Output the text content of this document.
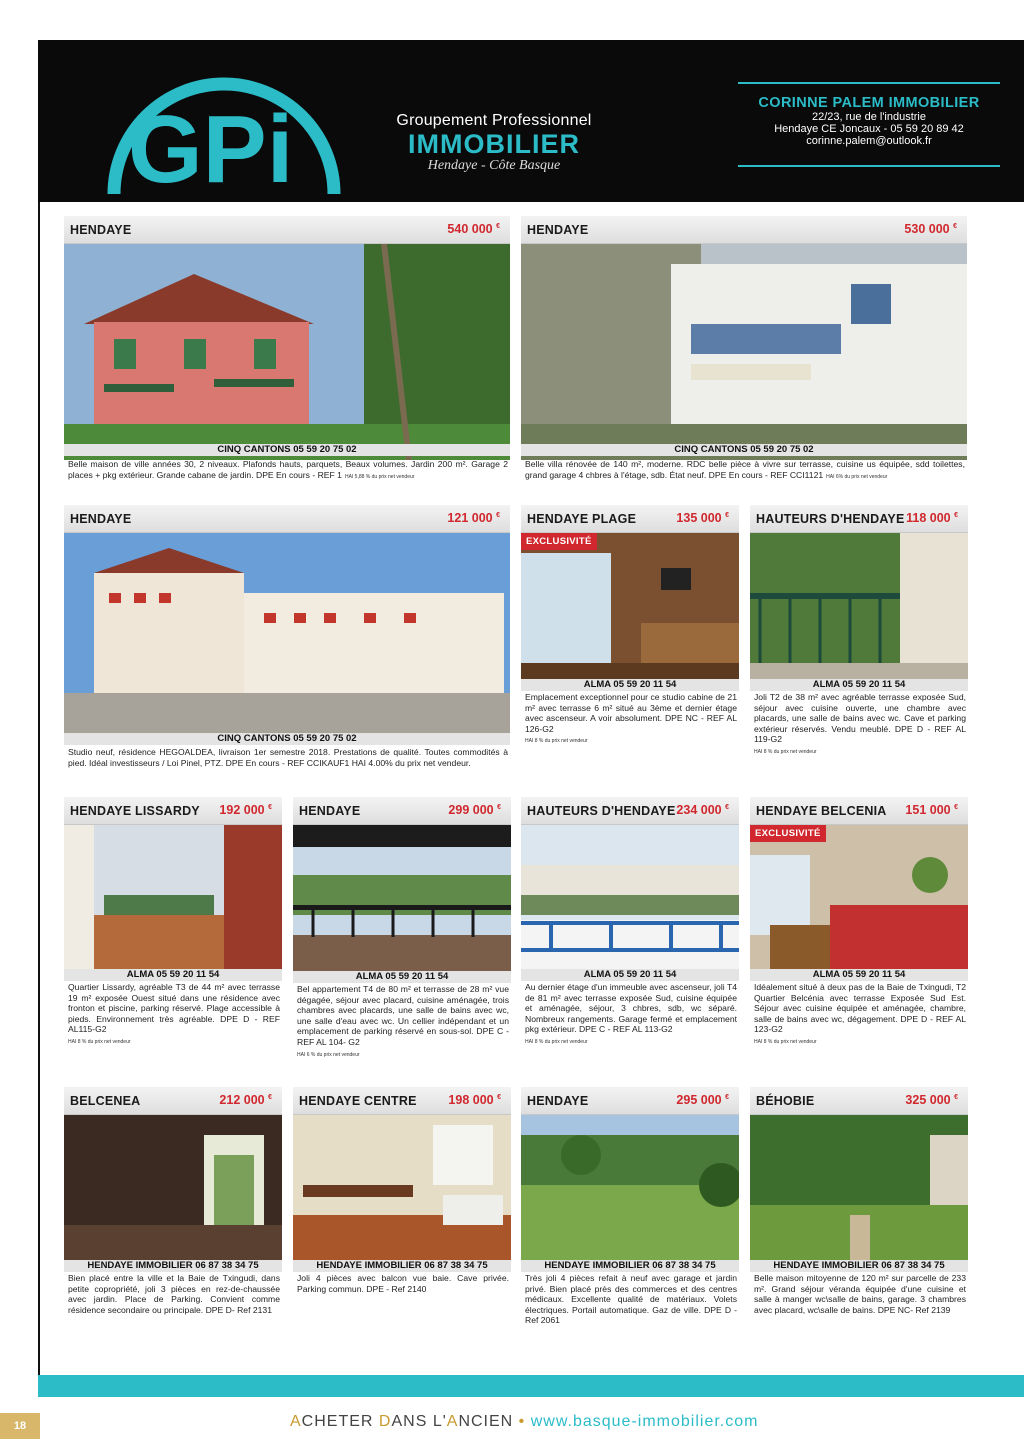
GPi	Groupement Professionnel
IMMOBILIER
Hendaye - Côte Basque
CORINNE PALEM IMMOBILIER
22/23, rue de l'industrie
Hendaye CE Joncaux - 05 59 20 89 42
corinne.palem@outlook.fr
HENDAYE	540 000 €
CINQ CANTONS 05 59 20 75 02
Belle maison de ville années 30, 2 niveaux. Plafonds hauts, parquets, Beaux volumes. Jardin 200 m². Garage 2 places + pkg extérieur. Grande cabane de jardin. DPE En cours - REF 1 HAI 5,88 % du prix net vendeur
HENDAYE	530 000 €
CINQ CANTONS 05 59 20 75 02
Belle villa rénovée de 140 m², moderne. RDC belle pièce à vivre sur terrasse, cuisine us équipée, sdd toilettes, grand garage 4 chbres à l'étage, sdb. État neuf. DPE En cours - REF CCI1121 HAI 6% du prix net vendeur
HENDAYE	121 000 €
CINQ CANTONS 05 59 20 75 02
Studio neuf, résidence HEGOALDEA, livraison 1er semestre 2018. Prestations de qualité. Toutes commodités à pied. Idéal investisseurs / Loi Pinel, PTZ. DPE En cours - REF CCIKAUF1 HAI 4.00% du prix net vendeur.
HENDAYE PLAGE	135 000 €
EXCLUSIVITÉ
ALMA 05 59 20 11 54
Emplacement exceptionnel pour ce studio cabine de 21 m² avec terrasse 6 m² situé au 3ème et dernier étage avec ascenseur. A voir absolument. DPE NC - REF AL 126-G2
HAI 8 % du prix net vendeur
HAUTEURS D'HENDAYE 118 000 €
ALMA 05 59 20 11 54
Joli T2 de 38 m² avec agréable terrasse exposée Sud, séjour avec cuisine ouverte, une chambre avec placards, une salle de bains avec wc. Cave et parking extérieur réservés. Vendu meublé. DPE D - REF AL 119-G2
HAI 8 % du prix net vendeur
HENDAYE LISSARDY 192 000 €
ALMA 05 59 20 11 54
Quartier Lissardy, agréable T3 de 44 m² avec terrasse 19 m² exposée Ouest situé dans une résidence avec fronton et piscine, parking réservé. Plage accessible à pieds. Environnement très agréable. DPE D - REF AL115-G2
HAI 8 % du prix net vendeur
HENDAYE	299 000 €
ALMA 05 59 20 11 54
Bel appartement T4 de 80 m² et terrasse de 28 m² vue dégagée, séjour avec placard, cuisine aménagée, trois chambres avec placards, une salle de bains avec wc, une salle d'eau avec wc. Un cellier indépendant et un emplacement de parking réservé en sous-sol. DPE C - REF AL 104- G2
HAI 6 % du prix net vendeur
HAUTEURS D'HENDAYE 234 000 €
ALMA 05 59 20 11 54
Au dernier étage d'un immeuble avec ascenseur, joli T4 de 81 m² avec terrasse exposée Sud, cuisine équipée et aménagée, séjour, 3 chbres, sdb, wc séparé. Nombreux rangements. Garage fermé et emplacement pkg extérieur. DPE C - REF AL 113-G2
HAI 8 % du prix net vendeur
HENDAYE BELCENIA 151 000 €
EXCLUSIVITÉ
ALMA 05 59 20 11 54
Idéalement situé à deux pas de la Baie de Txingudi, T2 Quartier Belcénia avec terrasse Exposée Sud Est. Séjour avec cuisine équipée et aménagée, chambre, salle de bains avec wc, dégagement. DPE D - REF AL 123-G2
HAI 8 % du prix net vendeur
BELCENEA	212 000 €
HENDAYE IMMOBILIER 06 87 38 34 75
Bien placé entre la ville et la Baie de Txingudi, dans petite copropriété, joli 3 pièces en rez-de-chaussée avec jardin. Place de Parking. Convient comme résidence secondaire ou principale. DPE D- Ref 2131
HENDAYE CENTRE	198 000 €
HENDAYE IMMOBILIER 06 87 38 34 75
Joli 4 pièces avec balcon vue baie. Cave privée. Parking commun. DPE - Ref 2140
HENDAYE	295 000 €
HENDAYE IMMOBILIER 06 87 38 34 75
Très joli 4 pièces refait à neuf avec garage et jardin privé. Bien placé près des commerces et des centres médicaux. Excellente qualité de matériaux. Volets électriques. Portail automatique. Gaz de ville. DPE D - Ref 2061
BÉHOBIE	325 000 €
HENDAYE IMMOBILIER 06 87 38 34 75
Belle maison mitoyenne de 120 m² sur parcelle de 233 m². Grand séjour véranda équipée d'une cuisine et salle à manger wc\salle de bains, garage. 3 chambres avec placard, wc\salle de bains. DPE NC- Ref 2139
18	ACHETER DANS L'ANCIEN • www.basque-immobilier.com
